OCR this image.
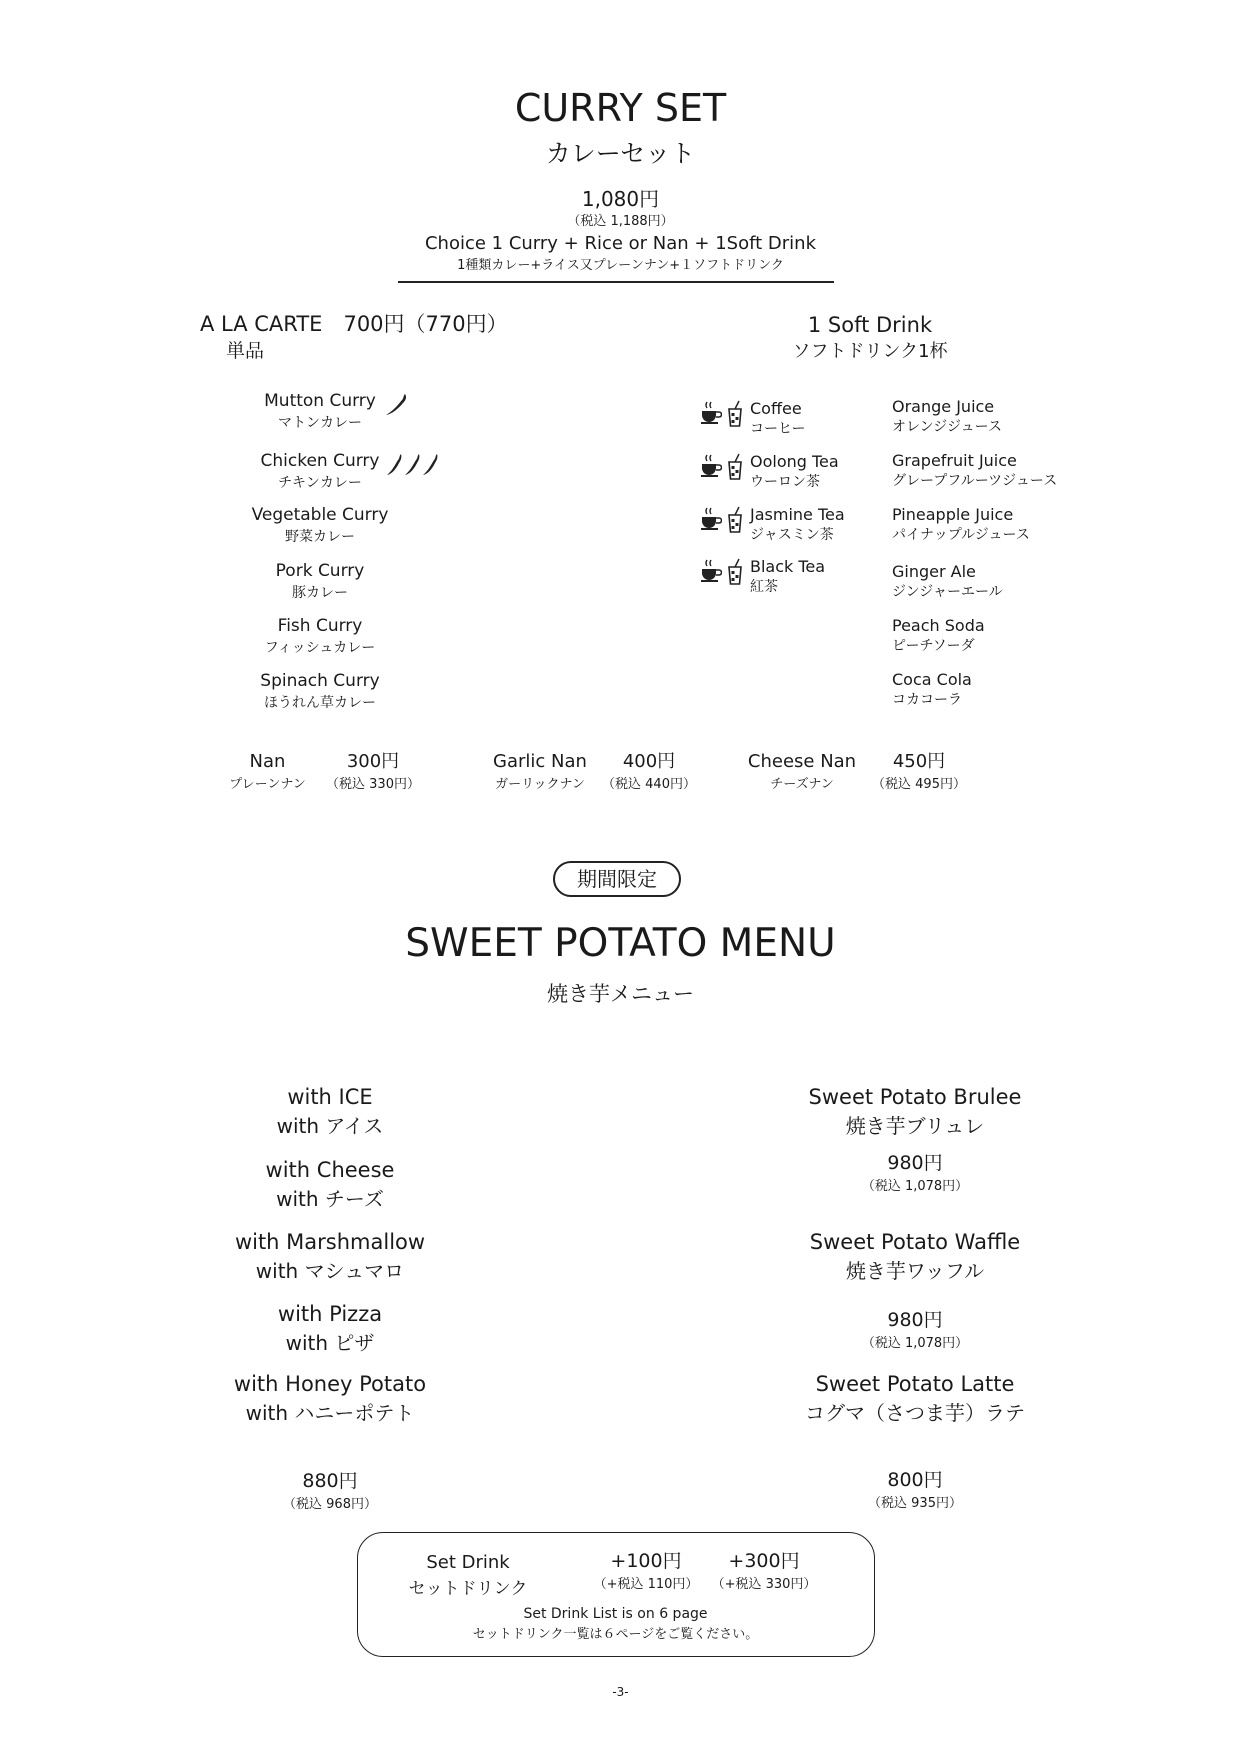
CURRY SET
カレーセット
1,080円
（税込 1,188円）
Choice 1 Curry + Rice or Nan + 1Soft Drink
1種類カレー+ライス又プレーンナン+１ソフトドリンク
A LA CARTE　700円（770円）
単品
Mutton Curry
マトンカレー
Chicken Curry
チキンカレー
Vegetable Curry
野菜カレー
Pork Curry
豚カレー
Fish Curry
フィッシュカレー
Spinach Curry
ほうれん草カレー
1 Soft Drink
ソフトドリンク1杯
Coffee
コーヒー
Oolong Tea
ウーロン茶
Jasmine Tea
ジャスミン茶
Black Tea
紅茶
Orange Juice
オレンジジュース
Grapefruit Juice
グレープフルーツジュース
Pineapple Juice
パイナップルジュース
Ginger Ale
ジンジャーエール
Peach Soda
ピーチソーダ
Coca Cola
コカコーラ
Nan
プレーンナン
300円
（税込 330円）
Garlic Nan
ガーリックナン
400円
（税込 440円）
Cheese Nan
チーズナン
450円
（税込 495円）
期間限定
SWEET POTATO MENU
焼き芋メニュー
with ICE
with アイス
with Cheese
with チーズ
with Marshmallow
with マシュマロ
with Pizza
with ピザ
with Honey Potato
with ハニーポテト
880円
（税込 968円）
Sweet Potato Brulee
焼き芋ブリュレ
980円
（税込 1,078円）
Sweet Potato Waffle
焼き芋ワッフル
980円
（税込 1,078円）
Sweet Potato Latte
コグマ（さつま芋）ラテ
800円
（税込 935円）
Set Drink
セットドリンク
+100円
（+税込 110円）
+300円
（+税込 330円）
Set Drink List is on 6 page
セットドリンク一覧は６ページをご覧ください。
-3-
